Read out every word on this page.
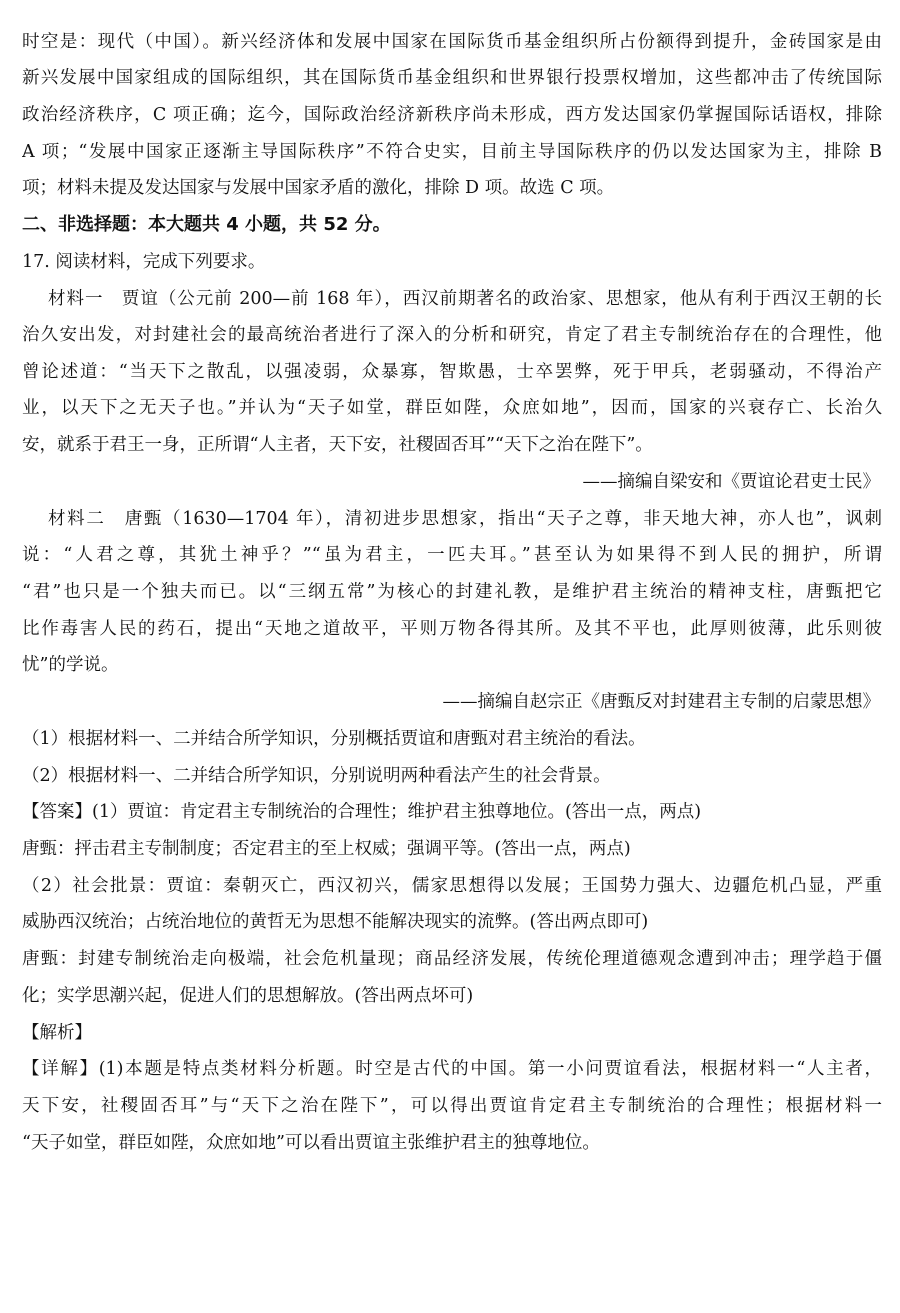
时空是：现代（中国）。新兴经济体和发展中国家在国际货币基金组织所占份额得到提升，金砖国家是由
新兴发展中国家组成的国际组织，其在国际货币基金组织和世界银行投票权增加，这些都冲击了传统国际
政治经济秩序，C 项正确；迄今，国际政治经济新秩序尚未形成，西方发达国家仍掌握国际话语权，排除
A 项；“发展中国家正逐渐主导国际秩序”不符合史实，目前主导国际秩序的仍以发达国家为主，排除 B
项；材料未提及发达国家与发展中国家矛盾的激化，排除 D 项。故选 C 项。
二、非选择题：本大题共 4 小题，共 52 分。
17. 阅读材料，完成下列要求。
材料一　贾谊（公元前 200—前 168 年），西汉前期著名的政治家、思想家，他从有利于西汉王朝的长
治久安出发，对封建社会的最高统治者进行了深入的分析和研究，肯定了君主专制统治存在的合理性，他
曾论述道：“当天下之散乱，以强凌弱，众暴寡，智欺愚，士卒罢弊，死于甲兵，老弱骚动，不得治产
业，以天下之无天子也。”并认为“天子如堂，群臣如陛，众庶如地”，因而，国家的兴衰存亡、长治久
安，就系于君王一身，正所谓“人主者，天下安，社稷固否耳”“天下之治在陛下”。
——摘编自梁安和《贾谊论君吏士民》
材料二　唐甄（1630—1704 年），清初进步思想家，指出“天子之尊，非天地大神，亦人也”，讽刺
说：“人君之尊，其犹土神乎？”“虽为君主，一匹夫耳。”甚至认为如果得不到人民的拥护，所谓
“君”也只是一个独夫而已。以“三纲五常”为核心的封建礼教，是维护君主统治的精神支柱，唐甄把它
比作毒害人民的药石，提出“天地之道故平，平则万物各得其所。及其不平也，此厚则彼薄，此乐则彼
忧”的学说。
——摘编自赵宗正《唐甄反对封建君主专制的启蒙思想》
（1）根据材料一、二并结合所学知识，分别概括贾谊和唐甄对君主统治的看法。
（2）根据材料一、二并结合所学知识，分别说明两种看法产生的社会背景。
【答案】(1）贾谊：肯定君主专制统治的合理性；维护君主独尊地位。(答出一点，两点)
唐甄：抨击君主专制制度；否定君主的至上权威；强调平等。(答出一点，两点)
（2）社会批景：贾谊：秦朝灭亡，西汉初兴，儒家思想得以发展；王国势力强大、边疆危机凸显，严重
威胁西汉统治；占统治地位的黄哲无为思想不能解决现实的流弊。(答出两点即可)
唐甄：封建专制统治走向极端，社会危机量现；商品经济发展，传统伦理道德观念遭到冲击；理学趋于僵
化；实学思潮兴起，促进人们的思想解放。(答出两点坏可)
【解析】
【详解】(1)本题是特点类材料分析题。时空是古代的中国。第一小问贾谊看法，根据材料一“人主者，
天下安，社稷固否耳”与“天下之治在陛下”，可以得出贾谊肯定君主专制统治的合理性；根据材料一
“天子如堂，群臣如陛，众庶如地”可以看出贾谊主张维护君主的独尊地位。
